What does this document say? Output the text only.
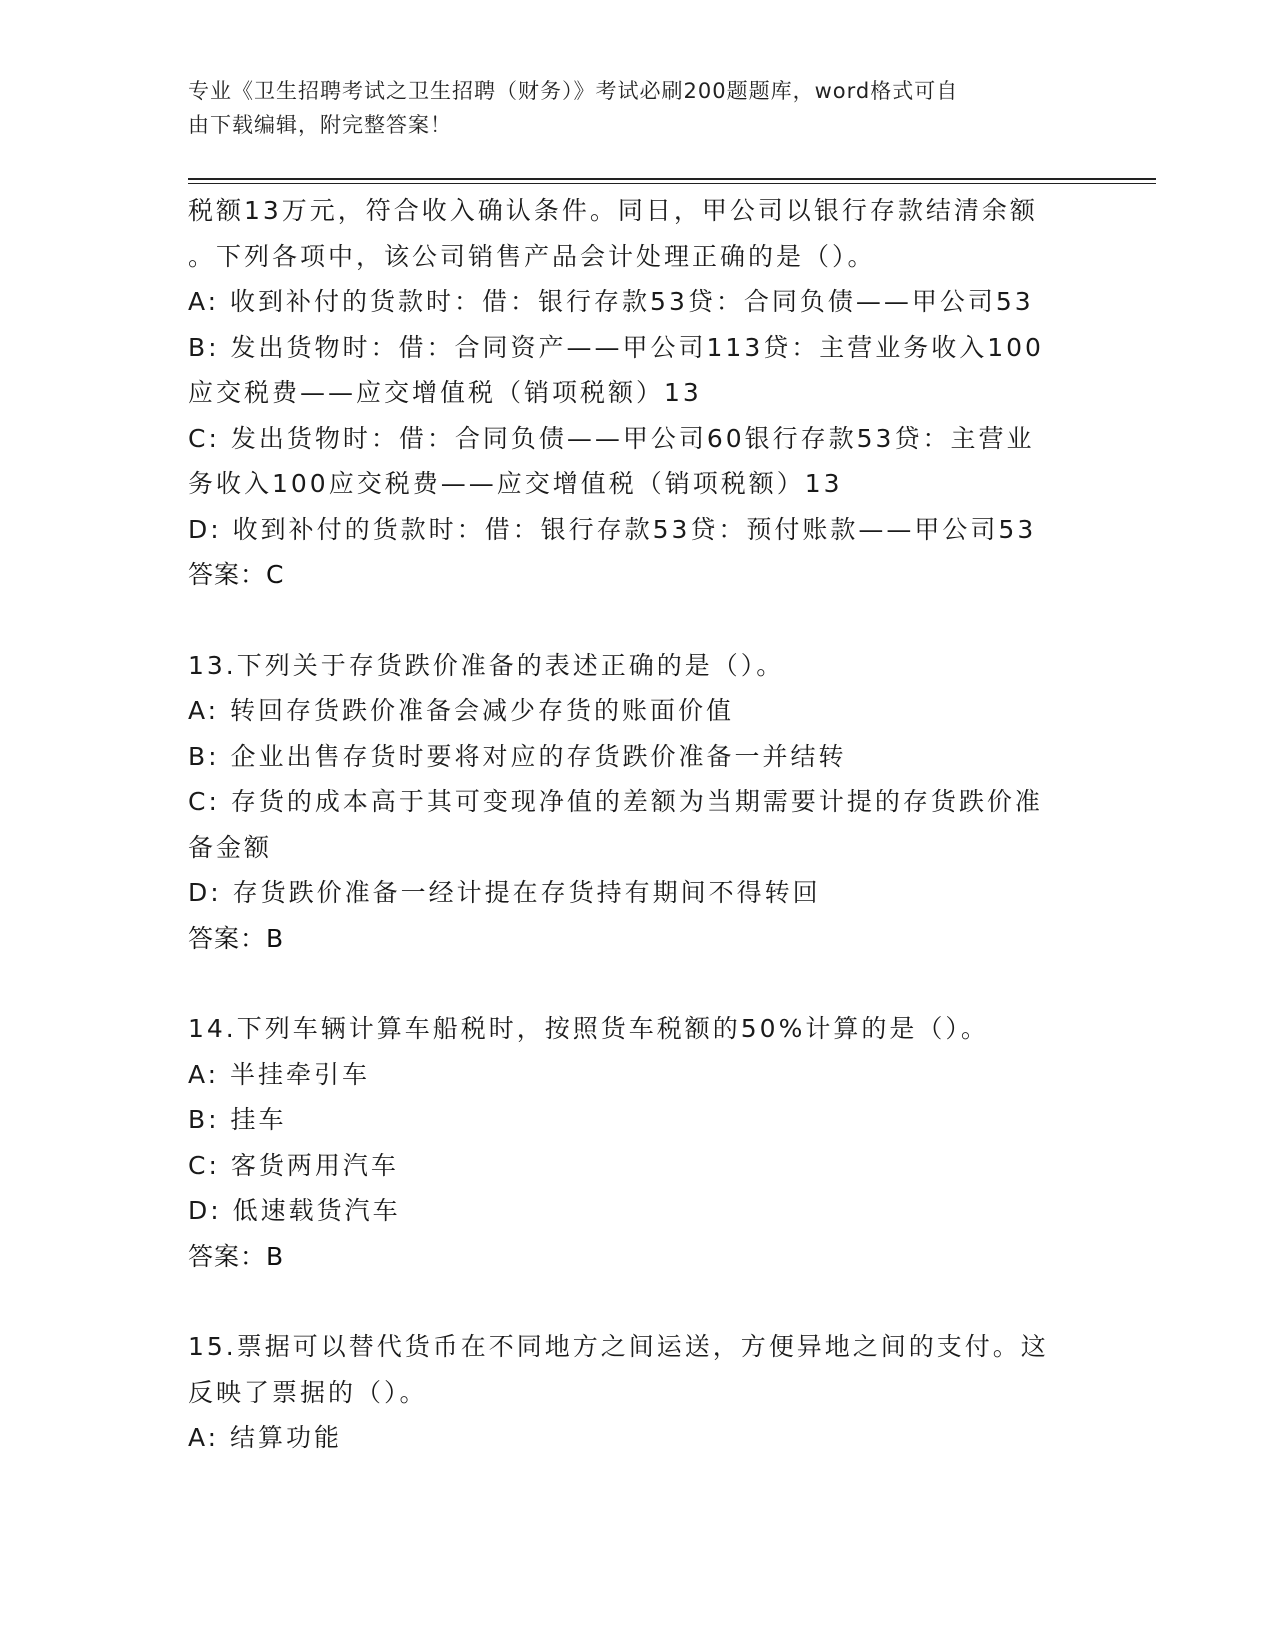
专业《卫生招聘考试之卫生招聘（财务）》考试必刷200题题库，word格式可自
由下载编辑，附完整答案！

税额13万元，符合收入确认条件。同日，甲公司以银行存款结清余额

。下列各项中，该公司销售产品会计处理正确的是（）。

A: 收到补付的货款时：借：银行存款53贷：合同负债——甲公司53

B: 发出货物时：借：合同资产——甲公司113贷：主营业务收入100

应交税费——应交增值税（销项税额）13

C: 发出货物时：借：合同负债——甲公司60银行存款53贷：主营业

务收入100应交税费——应交增值税（销项税额）13

D: 收到补付的货款时：借：银行存款53贷：预付账款——甲公司53

答案：C

13.下列关于存货跌价准备的表述正确的是（）。

A: 转回存货跌价准备会减少存货的账面价值

B: 企业出售存货时要将对应的存货跌价准备一并结转

C: 存货的成本高于其可变现净值的差额为当期需要计提的存货跌价准

备金额

D: 存货跌价准备一经计提在存货持有期间不得转回

答案：B

14.下列车辆计算车船税时，按照货车税额的50%计算的是（）。

A: 半挂牵引车

B: 挂车

C: 客货两用汽车

D: 低速载货汽车

答案：B

15.票据可以替代货币在不同地方之间运送，方便异地之间的支付。这

反映了票据的（）。

A: 结算功能
